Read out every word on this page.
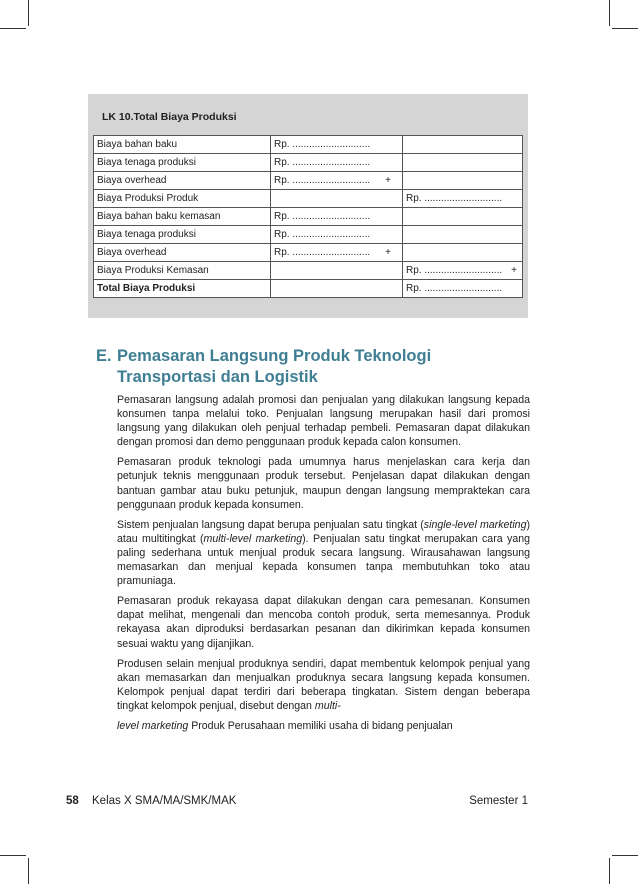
LK 10.Total Biaya Produksi
Biaya bahan baku	Rp. ............................	
Biaya tenaga produksi	Rp. ............................	
Biaya overhead	Rp. ............................ +	

Biaya Produksi Produk		Rp. ............................
Biaya bahan baku kemasan	Rp. ............................	
Biaya tenaga produksi	Rp. ............................	
Biaya overhead	Rp. ............................ +	

Biaya Produksi Kemasan		Rp. ............................ +

Total Biaya Produksi		Rp. ............................
E. Pemasaran Langsung Produk Teknologi Transportasi dan Logistik

Pemasaran langsung adalah promosi dan penjualan yang dilakukan langsung kepada konsumen tanpa melalui toko. Penjualan langsung merupakan hasil dari promosi langsung yang dilakukan oleh penjual terhadap pembeli. Pemasaran dapat dilakukan dengan promosi dan demo penggunaan produk kepada calon konsumen.

Pemasaran produk teknologi pada umumnya harus menjelaskan cara kerja dan petunjuk teknis menggunaan produk tersebut. Penjelasan dapat dilakukan dengan bantuan gambar atau buku petunjuk, maupun dengan langsung mempraktekan cara penggunaan produk kepada konsumen.

Sistem penjualan langsung dapat berupa penjualan satu tingkat (single-level marketing) atau multitingkat (multi-level marketing). Penjualan satu tingkat merupakan cara yang paling sederhana untuk menjual produk secara langsung. Wirausahawan langsung memasarkan dan menjual kepada konsumen tanpa membutuhkan toko atau pramuniaga.

Pemasaran produk rekayasa dapat dilakukan dengan cara pemesanan. Konsumen dapat melihat, mengenali dan mencoba contoh produk, serta memesannya. Produk rekayasa akan diproduksi berdasarkan pesanan dan dikirimkan kepada konsumen sesuai waktu yang dijanjikan.

Produsen selain menjual produknya sendiri, dapat membentuk kelompok penjual yang akan memasarkan dan menjualkan produknya secara langsung kepada konsumen. Kelompok penjual dapat terdiri dari beberapa tingkatan. Sistem dengan beberapa tingkat kelompok penjual, disebut dengan multi-

level marketing Produk Perusahaan memiliki usaha di bidang penjualan

58 Kelas X SMA/MA/SMK/MAK	Semester 1
